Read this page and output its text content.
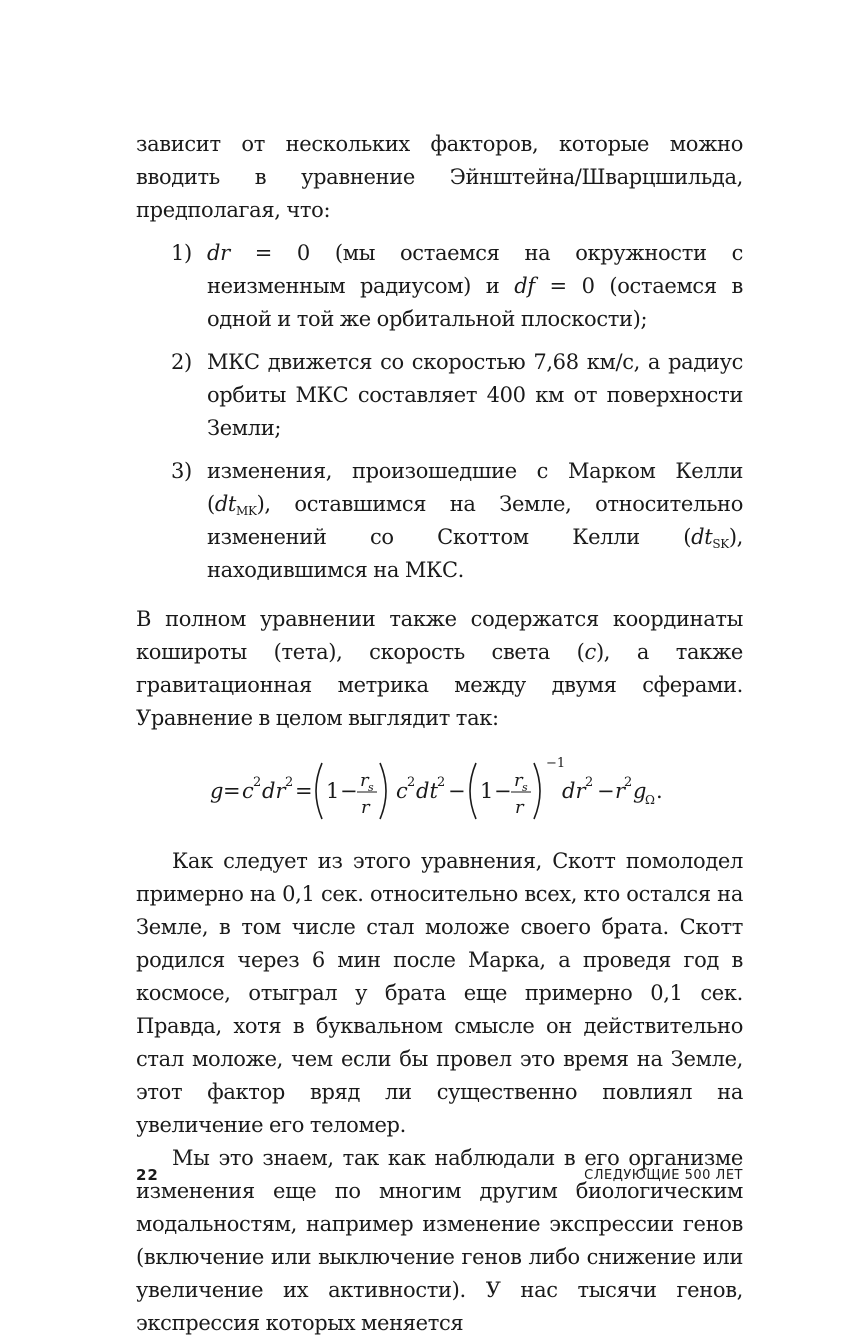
зависит от нескольких факторов, которые можно вводить в уравнение Эйнштейна/Шварцшильда, предполагая, что:

1) dr = 0 (мы остаемся на окружности с неизменным радиусом) и df = 0 (остаемся в одной и той же орбитальной плоскости);
2) МКС движется со скоростью 7,68 км/с, а радиус орбиты МКС составляет 400 км от поверхности Земли;
3) изменения, произошедшие с Марком Келли $(dt_{MK})$, оставшимся на Земле, относительно изменений со Скоттом Келли $(dt_{SK})$, находившимся на МКС.

В полном уравнении также содержатся координаты кошироты (тета), скорость света (c), а также гравитационная метрика между двумя сферами. Уравнение в целом выглядит так:

g = c 2 dr 2 = 1 − r s
r
c 2 dt 2 − 1 − r s
r
−1
dr 2 − r
2 g
Ω .

Как следует из этого уравнения, Скотт помолодел примерно на 0,1 сек. относительно всех, кто остался на Земле, в том числе стал моложе своего брата. Скотт родился через 6 мин после Марка, а проведя год в космосе, отыграл у брата еще примерно 0,1 сек. Правда, хотя в буквальном смысле он действительно стал моложе, чем если бы провел это время на Земле, этот фактор вряд ли существенно повлиял на увеличение его теломер.

Мы это знаем, так как наблюдали в его организме изменения еще по многим другим биологическим модальностям, например изменение экспрессии генов (включение или выключение генов либо снижение или увеличение их активности). У нас тысячи генов, экспрессия которых меняется

22	СЛЕДУЮЩИЕ 500 ЛЕТ
